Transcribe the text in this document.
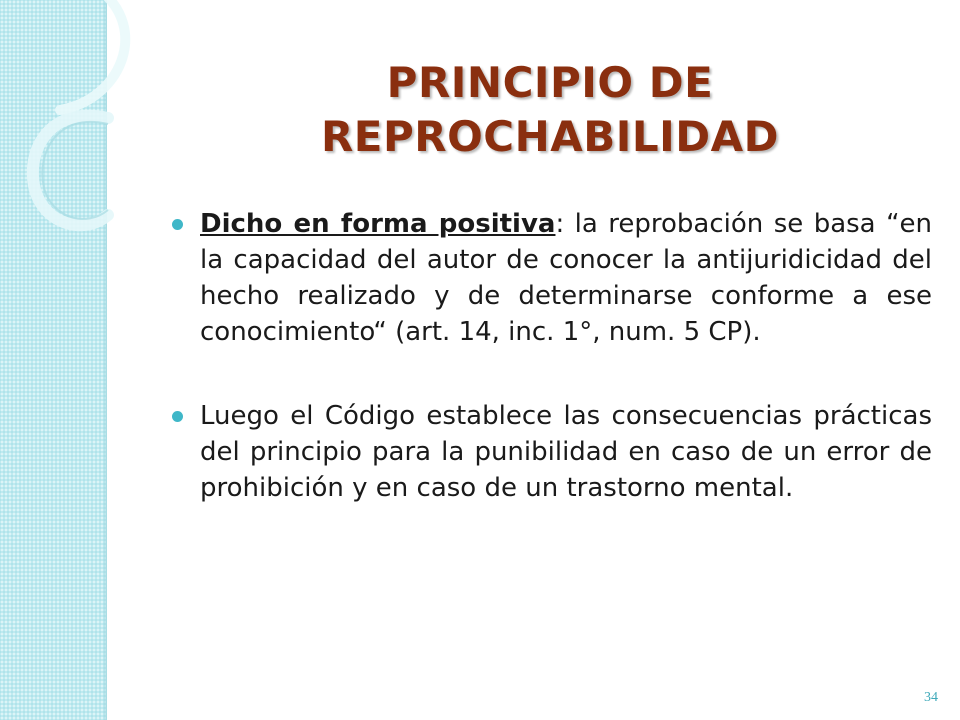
PRINCIPIO DE
REPROCHABILIDAD
Dicho en forma positiva: la reprobación se basa “en la capacidad del autor de conocer la antijuridicidad del hecho realizado y de determinarse conforme a ese conocimiento“ (art. 14, inc. 1°, num. 5 CP).
Luego el Código establece las consecuencias prácticas del principio para la punibilidad en caso de un error de prohibición y en caso de un trastorno mental.
34
